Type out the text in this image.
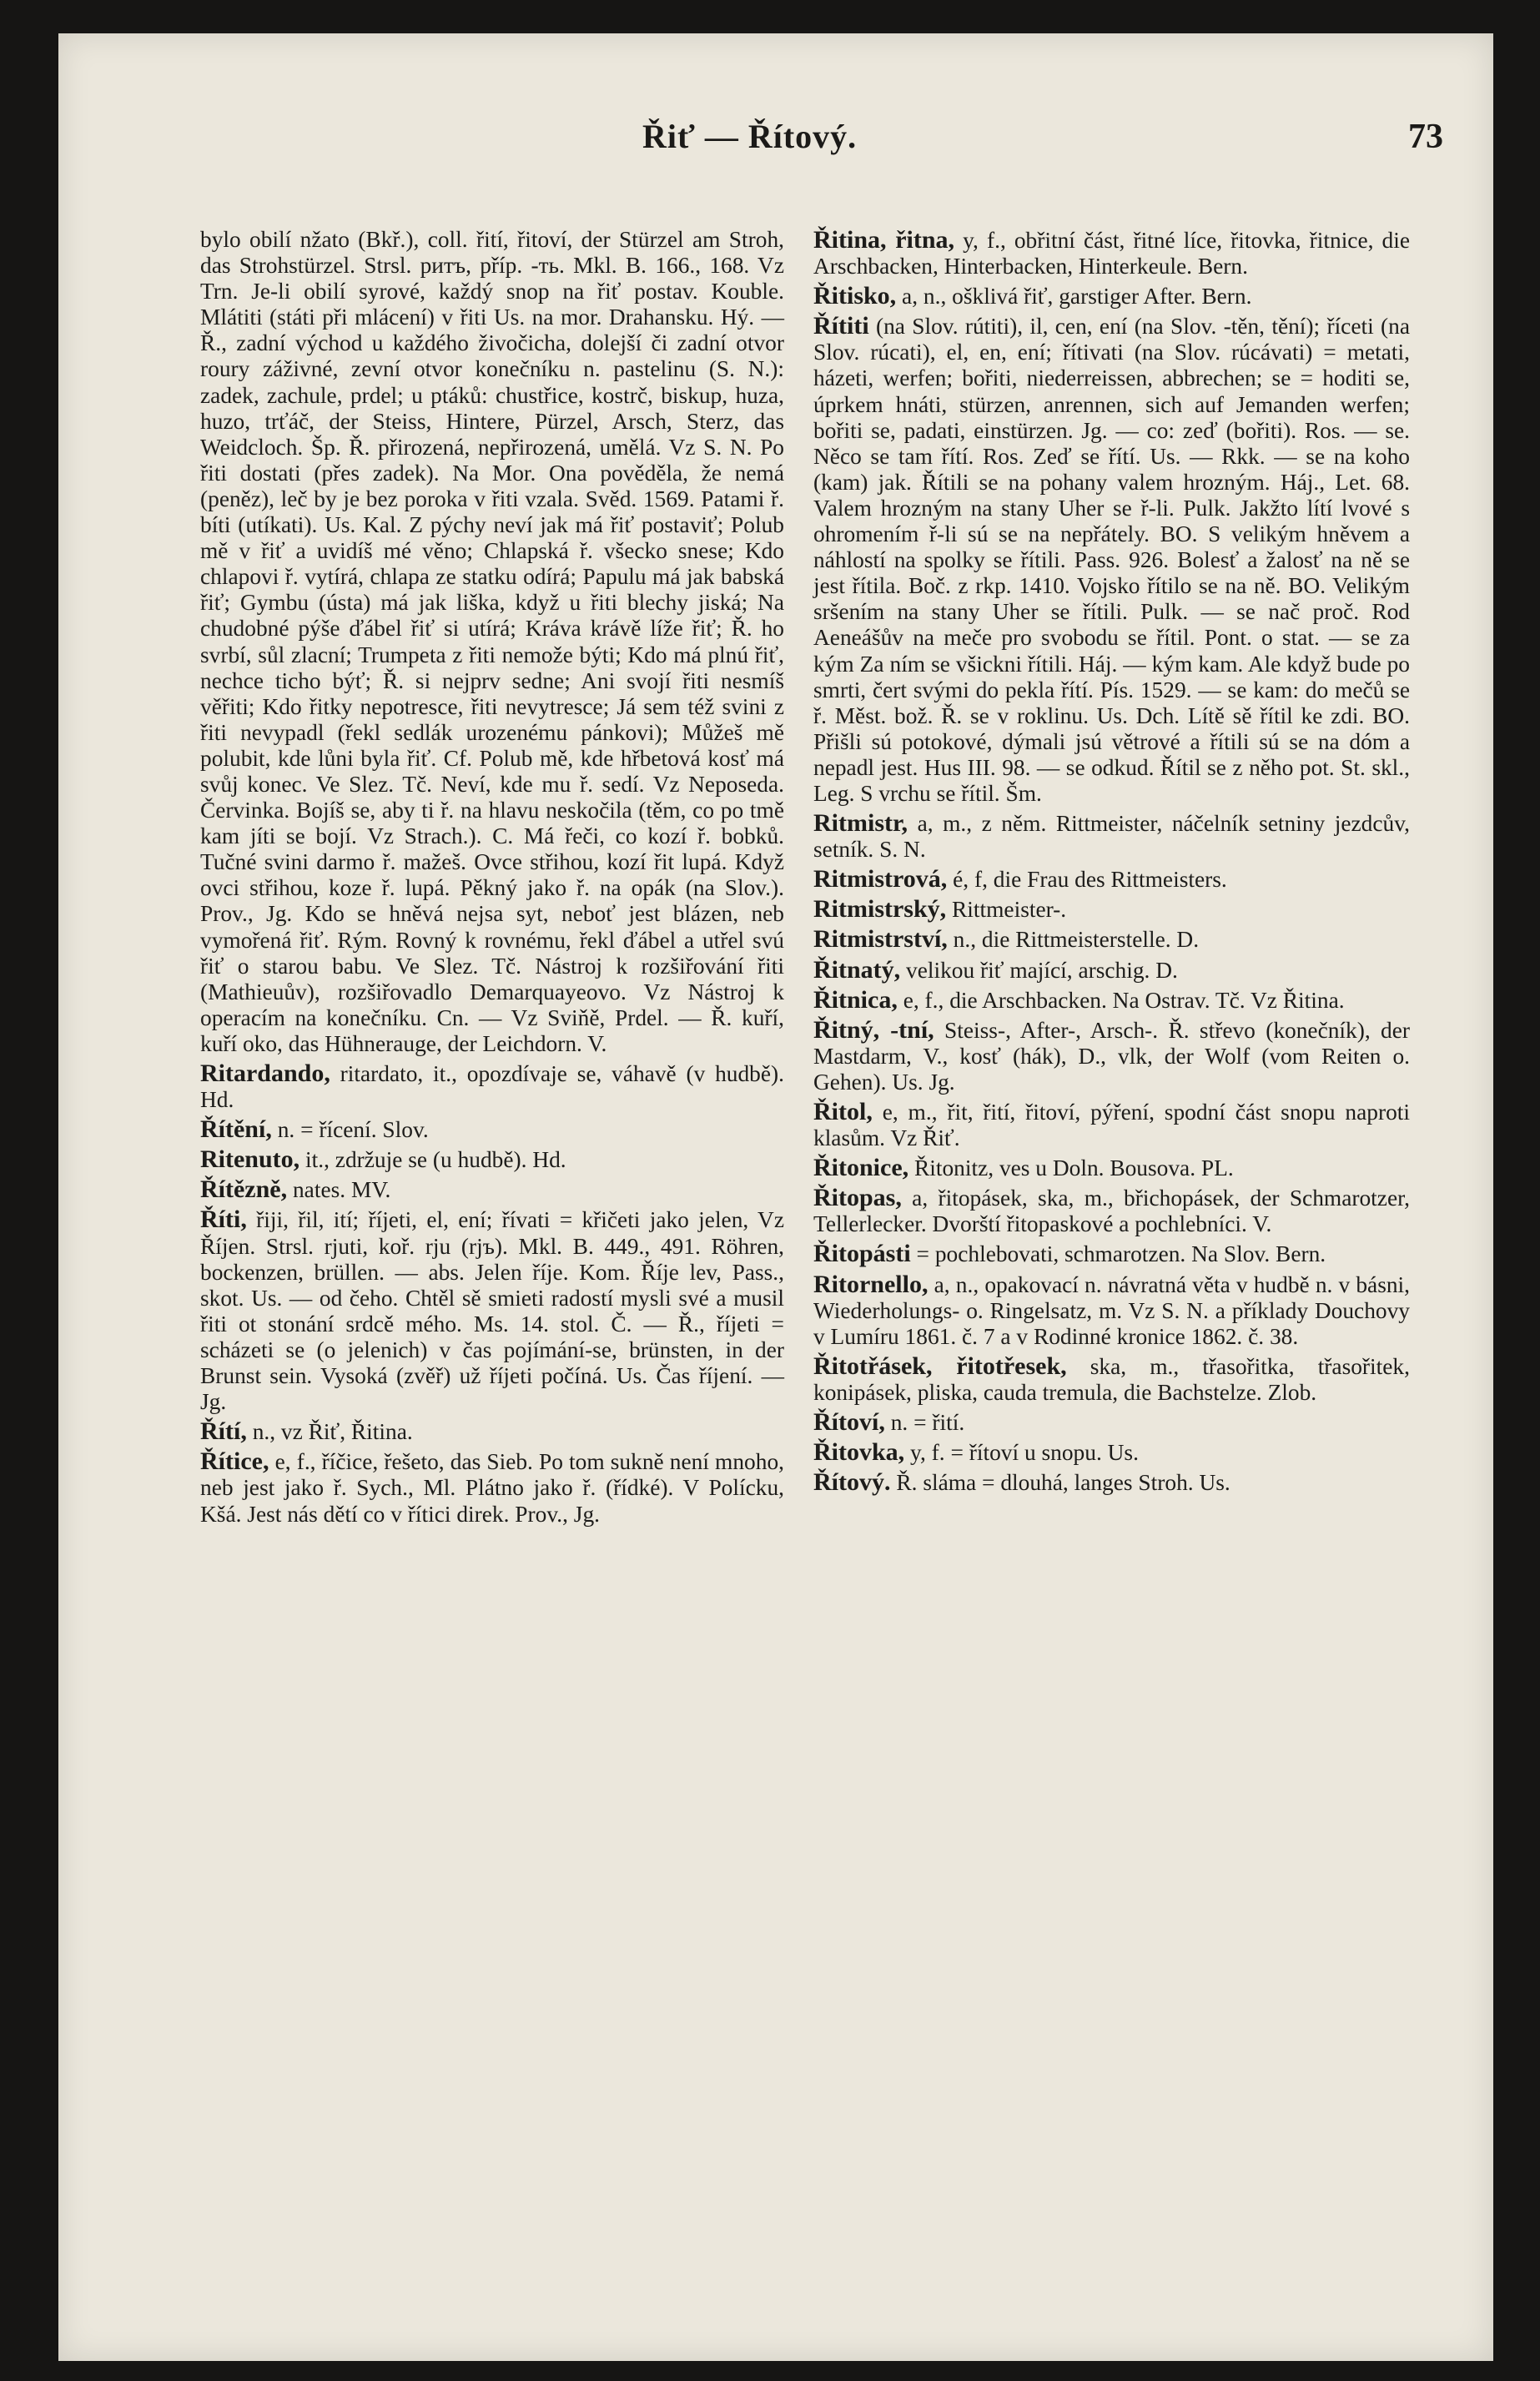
Řiť — Řítový.	73

bylo obilí nžato (Bkř.), coll. řití, řitoví, der Stürzel am Stroh, das Strohstürzel. Strsl. ритъ, příp. -ть. Mkl. B. 166., 168. Vz Trn. Je-li obilí syrové, každý snop na řiť postav. Kouble. Mlátiti (státi při mlácení) v řiti Us. na mor. Drahansku. Hý. — Ř., zadní východ u každého živočicha, dolejší či zadní otvor roury záživné, zevní otvor konečníku n. pastelinu (S. N.): zadek, zachule, prdel; u ptáků: chustřice, kostrč, biskup, huza, huzo, trťáč, der Steiss, Hintere, Pürzel, Arsch, Sterz, das Weidcloch. Šp. Ř. přirozená, nepřirozená, umělá. Vz S. N. Po řiti dostati (přes zadek). Na Mor. Ona pověděla, že nemá (peněz), leč by je bez poroka v řiti vzala. Svěd. 1569. Patami ř. bíti (utíkati). Us. Kal. Z pýchy neví jak má řiť postaviť; Polub mě v řiť a uvidíš mé věno; Chlapská ř. všecko snese; Kdo chlapovi ř. vytírá, chlapa ze statku odírá; Papulu má jak babská řiť; Gymbu (ústa) má jak liška, když u řiti blechy jiská; Na chudobné pýše ďábel řiť si utírá; Kráva krávě líže řiť; Ř. ho svrbí, sůl zlacní; Trumpeta z řiti nemože býti; Kdo má plnú řiť, nechce ticho býť; Ř. si nejprv sedne; Ani svojí řiti nesmíš věřiti; Kdo řitky nepotresce, řiti nevytresce; Já sem též svini z řiti nevypadl (řekl sedlák urozenému pánkovi); Můžeš mě polubit, kde lůni byla řiť. Cf. Polub mě, kde hřbetová kosť má svůj konec. Ve Slez. Tč. Neví, kde mu ř. sedí. Vz Neposeda. Červinka. Bojíš se, aby ti ř. na hlavu neskočila (těm, co po tmě kam jíti se bojí. Vz Strach.). C. Má řeči, co kozí ř. bobků. Tučné svini darmo ř. mažeš. Ovce střihou, kozí řit lupá. Když ovci střihou, koze ř. lupá. Pěkný jako ř. na opák (na Slov.). Prov., Jg. Kdo se hněvá nejsa syt, neboť jest blázen, neb vymořená řiť. Rým. Rovný k rovnému, řekl ďábel a utřel svú řiť o starou babu. Ve Slez. Tč. Nástroj k rozšiřování řiti (Mathieuův), rozšiřovadlo Demarquayeovo. Vz Nástroj k operacím na konečníku. Cn. — Vz Sviňě, Prdel. — Ř. kuří, kuří oko, das Hühnerauge, der Leichdorn. V.

Ritardando, ritardato, it., opozdívaje se, váhavě (v hudbě). Hd.

Řítění, n. = řícení. Slov.

Ritenuto, it., zdržuje se (u hudbě). Hd.

Řítězně, nates. MV.

Říti, řiji, řil, ití; říjeti, el, ení; řívati = křičeti jako jelen, Vz Říjen. Strsl. rjuti, koř. rju (rjъ). Mkl. B. 449., 491. Röhren, bockenzen, brüllen. — abs. Jelen říje. Kom. Říje lev, Pass., skot. Us. — od čeho. Chtěl sě smieti radostí mysli své a musil řiti ot stonání srdcě mého. Ms. 14. stol. Č. — Ř., říjeti = scházeti se (o jelenich) v čas pojímání-se, brünsten, in der Brunst sein. Vysoká (zvěř) už říjeti počíná. Us. Čas říjení. — Jg.

Řítí, n., vz Řiť, Řitina.

Řítice, e, f., říčice, řešeto, das Sieb. Po tom sukně není mnoho, neb jest jako ř. Sych., Ml. Plátno jako ř. (řídké). V Polícku, Kšá. Jest nás dětí co v řítici direk. Prov., Jg.

Řitina, řitna, y, f., obřitní část, řitné líce, řitovka, řitnice, die Arschbacken, Hinterbacken, Hinterkeule. Bern.

Řitisko, a, n., ošklivá řiť, garstiger After. Bern.

Řítiti (na Slov. rútiti), il, cen, ení (na Slov. -těn, tění); říceti (na Slov. rúcati), el, en, ení; řítivati (na Slov. rúcávati) = metati, házeti, werfen; bořiti, niederreissen, abbrechen; se = hoditi se, úprkem hnáti, stürzen, anrennen, sich auf Jemanden werfen; bořiti se, padati, einstürzen. Jg. — co: zeď (bořiti). Ros. — se. Něco se tam řítí. Ros. Zeď se řítí. Us. — Rkk. — se na koho (kam) jak. Řítili se na pohany valem hrozným. Háj., Let. 68. Valem hrozným na stany Uher se ř-li. Pulk. Jakžto lítí lvové s ohromením ř-li sú se na nepřátely. BO. S velikým hněvem a náhlostí na spolky se řítili. Pass. 926. Bolesť a žalosť na ně se jest řítila. Boč. z rkp. 1410. Vojsko řítilo se na ně. BO. Velikým sršením na stany Uher se řítili. Pulk. — se nač proč. Rod Aeneášův na meče pro svobodu se řítil. Pont. o stat. — se za kým Za ním se všickni řítili. Háj. — kým kam. Ale když bude po smrti, čert svými do pekla řítí. Pís. 1529. — se kam: do mečů se ř. Měst. bož. Ř. se v roklinu. Us. Dch. Lítě sě řítil ke zdi. BO. Přišli sú potokové, dýmali jsú větrové a řítili sú se na dóm a nepadl jest. Hus III. 98. — se odkud. Řítil se z něho pot. St. skl., Leg. S vrchu se řítil. Šm.

Ritmistr, a, m., z něm. Rittmeister, náčelník setniny jezdcův, setník. S. N.

Ritmistrová, é, f, die Frau des Rittmeisters.

Ritmistrský, Rittmeister-.

Ritmistrství, n., die Rittmeisterstelle. D.

Řitnatý, velikou řiť mající, arschig. D.

Řitnica, e, f., die Arschbacken. Na Ostrav. Tč. Vz Řitina.

Řitný, -tní, Steiss-, After-, Arsch-. Ř. střevo (konečník), der Mastdarm, V., kosť (hák), D., vlk, der Wolf (vom Reiten o. Gehen). Us. Jg.

Řitol, e, m., řit, řití, řitoví, pýření, spodní část snopu naproti klasům. Vz Řiť.

Řitonice, Řitonitz, ves u Doln. Bousova. PL.

Řitopas, a, řitopásek, ska, m., břichopásek, der Schmarotzer, Tellerlecker. Dvorští řitopaskové a pochlebníci. V.

Řitopásti = pochlebovati, schmarotzen. Na Slov. Bern.

Ritornello, a, n., opakovací n. návratná věta v hudbě n. v básni, Wiederholungs- o. Ringelsatz, m. Vz S. N. a příklady Douchovy v Lumíru 1861. č. 7 a v Rodinné kronice 1862. č. 38.

Řitotřásek, řitotřesek, ska, m., třasořitka, třasořitek, konipásek, pliska, cauda tremula, die Bachstelze. Zlob.

Řítoví, n. = řití.

Řitovka, y, f. = řítoví u snopu. Us.

Řítový. Ř. sláma = dlouhá, langes Stroh. Us.
